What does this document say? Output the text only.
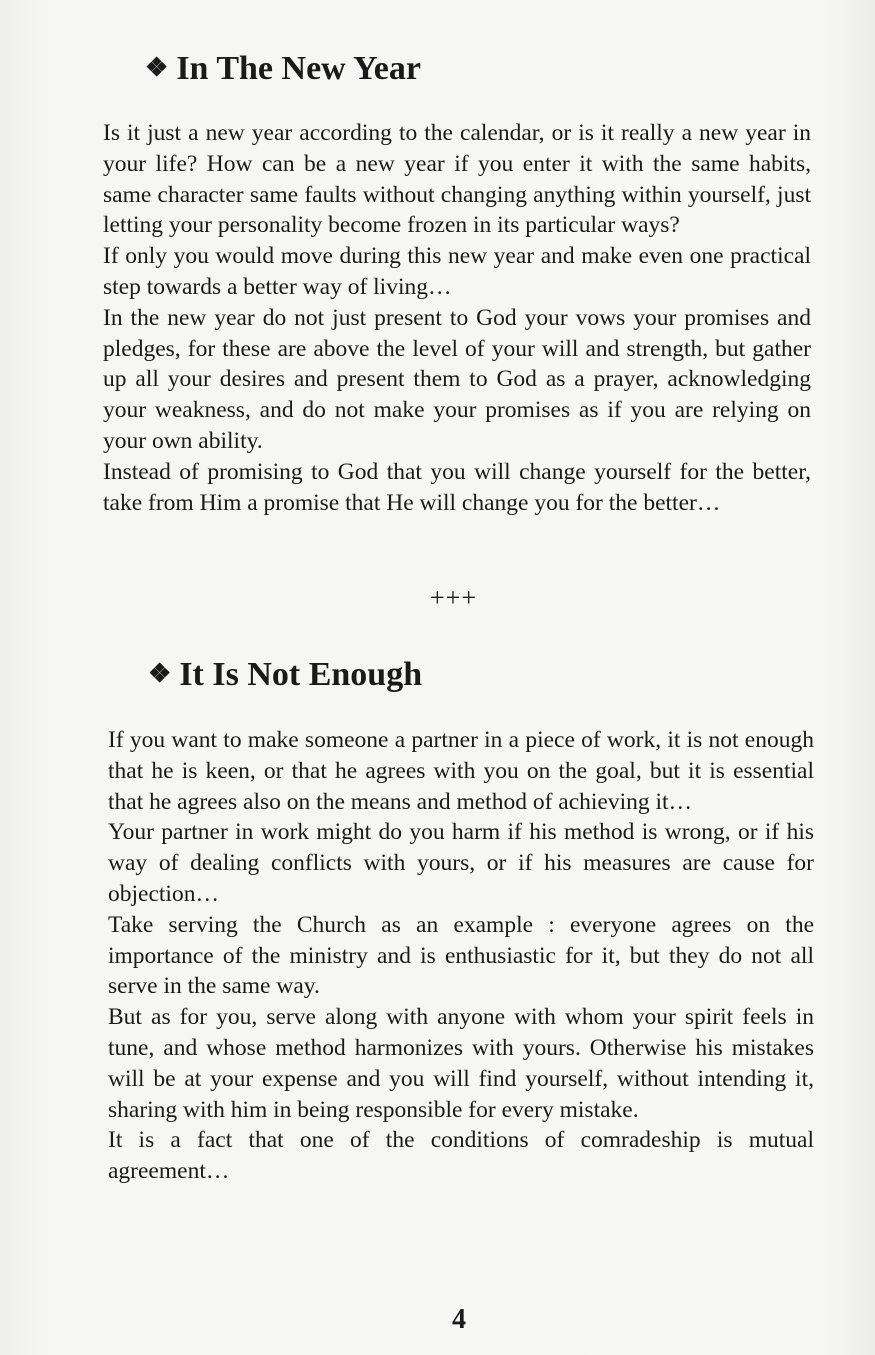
❖ In The New Year

Is it just a new year according to the calendar, or is it really a new year in your life? How can be a new year if you enter it with the same habits, same character same faults without changing anything within yourself, just letting your personality become frozen in its particular ways?

If only you would move during this new year and make even one practical step towards a better way of living…

In the new year do not just present to God your vows your promises and pledges, for these are above the level of your will and strength, but gather up all your desires and present them to God as a prayer, acknowledging your weakness, and do not make your promises as if you are relying on your own ability.

Instead of promising to God that you will change yourself for the better, take from Him a promise that He will change you for the better…

+++
❖ It Is Not Enough

If you want to make someone a partner in a piece of work, it is not enough that he is keen, or that he agrees with you on the goal, but it is essential that he agrees also on the means and method of achieving it…

Your partner in work might do you harm if his method is wrong, or if his way of dealing conflicts with yours, or if his measures are cause for objection…

Take serving the Church as an example : everyone agrees on the importance of the ministry and is enthusiastic for it, but they do not all serve in the same way.

But as for you, serve along with anyone with whom your spirit feels in tune, and whose method harmonizes with yours. Otherwise his mistakes will be at your expense and you will find yourself, without intending it, sharing with him in being responsible for every mistake.

It is a fact that one of the conditions of comradeship is mutual agreement…

4
